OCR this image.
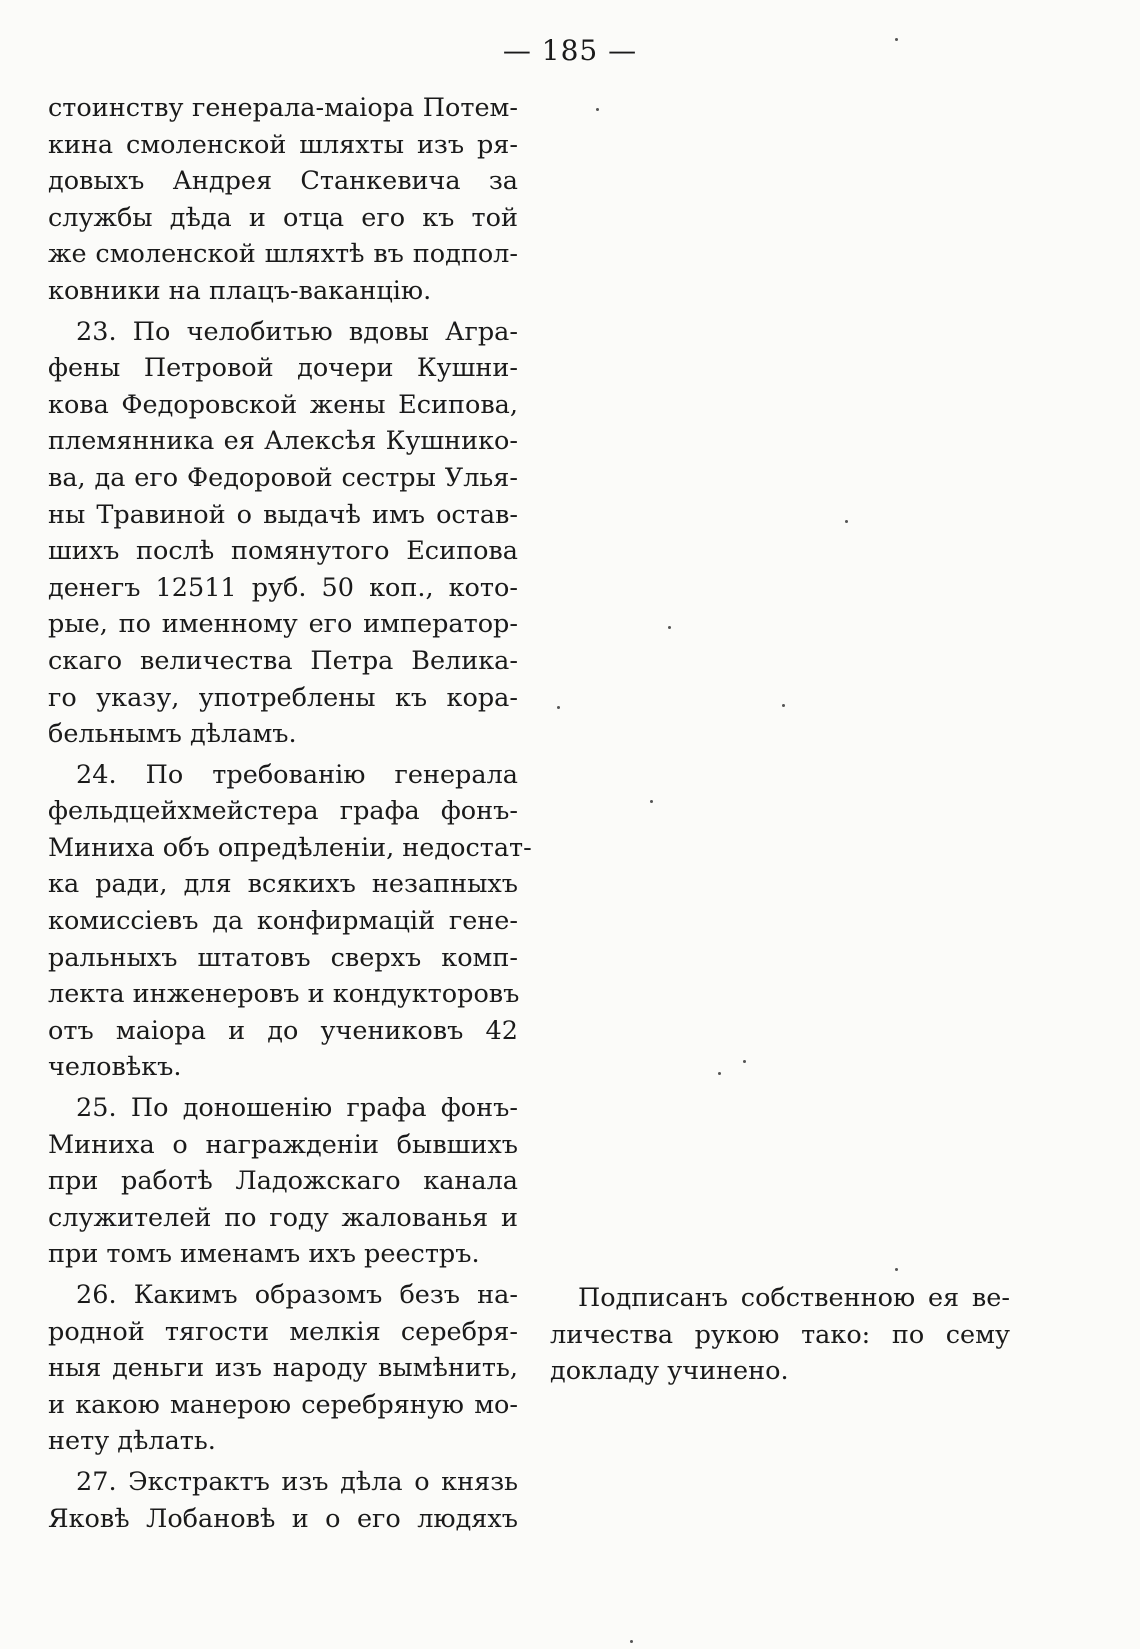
— 185 —
стоинству генерала-маіора Потем-
кина смоленской шляхты изъ ря-
довыхъ Андрея Станкевича за
службы дѣда и отца его къ той
же смоленской шляхтѣ въ подпол-
ковники на плацъ-ваканцію.
23. По челобитью вдовы Агра-
фены Петровой дочери Кушни-
кова Федоровской жены Есипова,
племянника ея Алексѣя Кушнико-
ва, да его Федоровой сестры Улья-
ны Травиной о выдачѣ имъ остав-
шихъ послѣ помянутого Есипова
денегъ 12511 руб. 50 коп., кото-
рые, по именному его император-
скаго величества Петра Велика-
го указу, употреблены къ кора-
бельнымъ дѣламъ.
24. По требованію генерала
фельдцейхмейстера графа фонъ-
Миниха объ опредѣленіи, недостат-
ка ради, для всякихъ незапныхъ
комиссіевъ да конфирмацій гене-
ральныхъ штатовъ сверхъ комп-
лекта инженеровъ и кондукторовъ
отъ маіора и до учениковъ 42
человѣкъ.
25. По доношенію графа фонъ-
Миниха о награжденіи бывшихъ
при работѣ Ладожскаго канала
служителей по году жалованья и
при томъ именамъ ихъ реестръ.
26. Какимъ образомъ безъ на-
родной тягости мелкія серебря-
ныя деньги изъ народу вымѣнить,
и какою манерою серебряную мо-
нету дѣлать.
27. Экстрактъ изъ дѣла о князь
Яковѣ Лобановѣ и о его людяхъ
Подписанъ собственною ея ве-
личества рукою тако: по сему
докладу учинено.
